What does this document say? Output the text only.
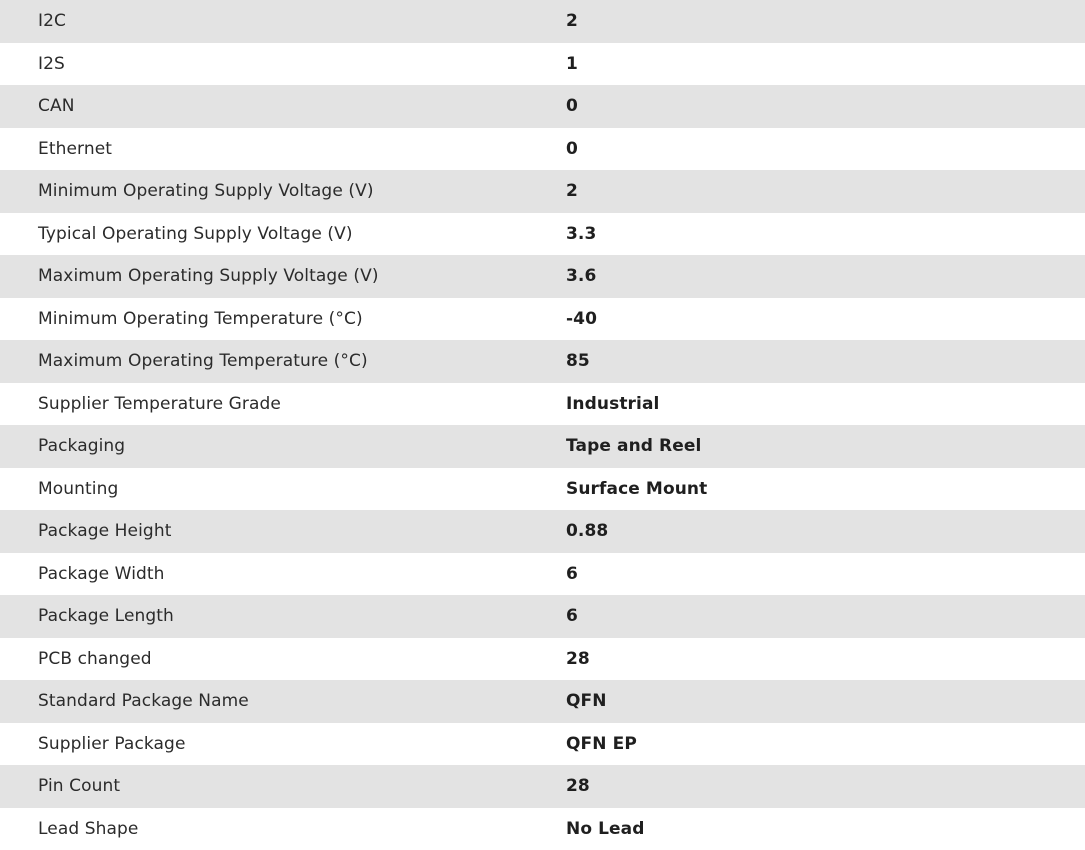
I2C	2
I2S	1
CAN	0
Ethernet	0
Minimum Operating Supply Voltage (V)	2
Typical Operating Supply Voltage (V)	3.3
Maximum Operating Supply Voltage (V)	3.6
Minimum Operating Temperature (°C)	-40
Maximum Operating Temperature (°C)	85
Supplier Temperature Grade	Industrial
Packaging	Tape and Reel
Mounting	Surface Mount
Package Height	0.88
Package Width	6
Package Length	6
PCB changed	28
Standard Package Name	QFN
Supplier Package	QFN EP
Pin Count	28
Lead Shape	No Lead
